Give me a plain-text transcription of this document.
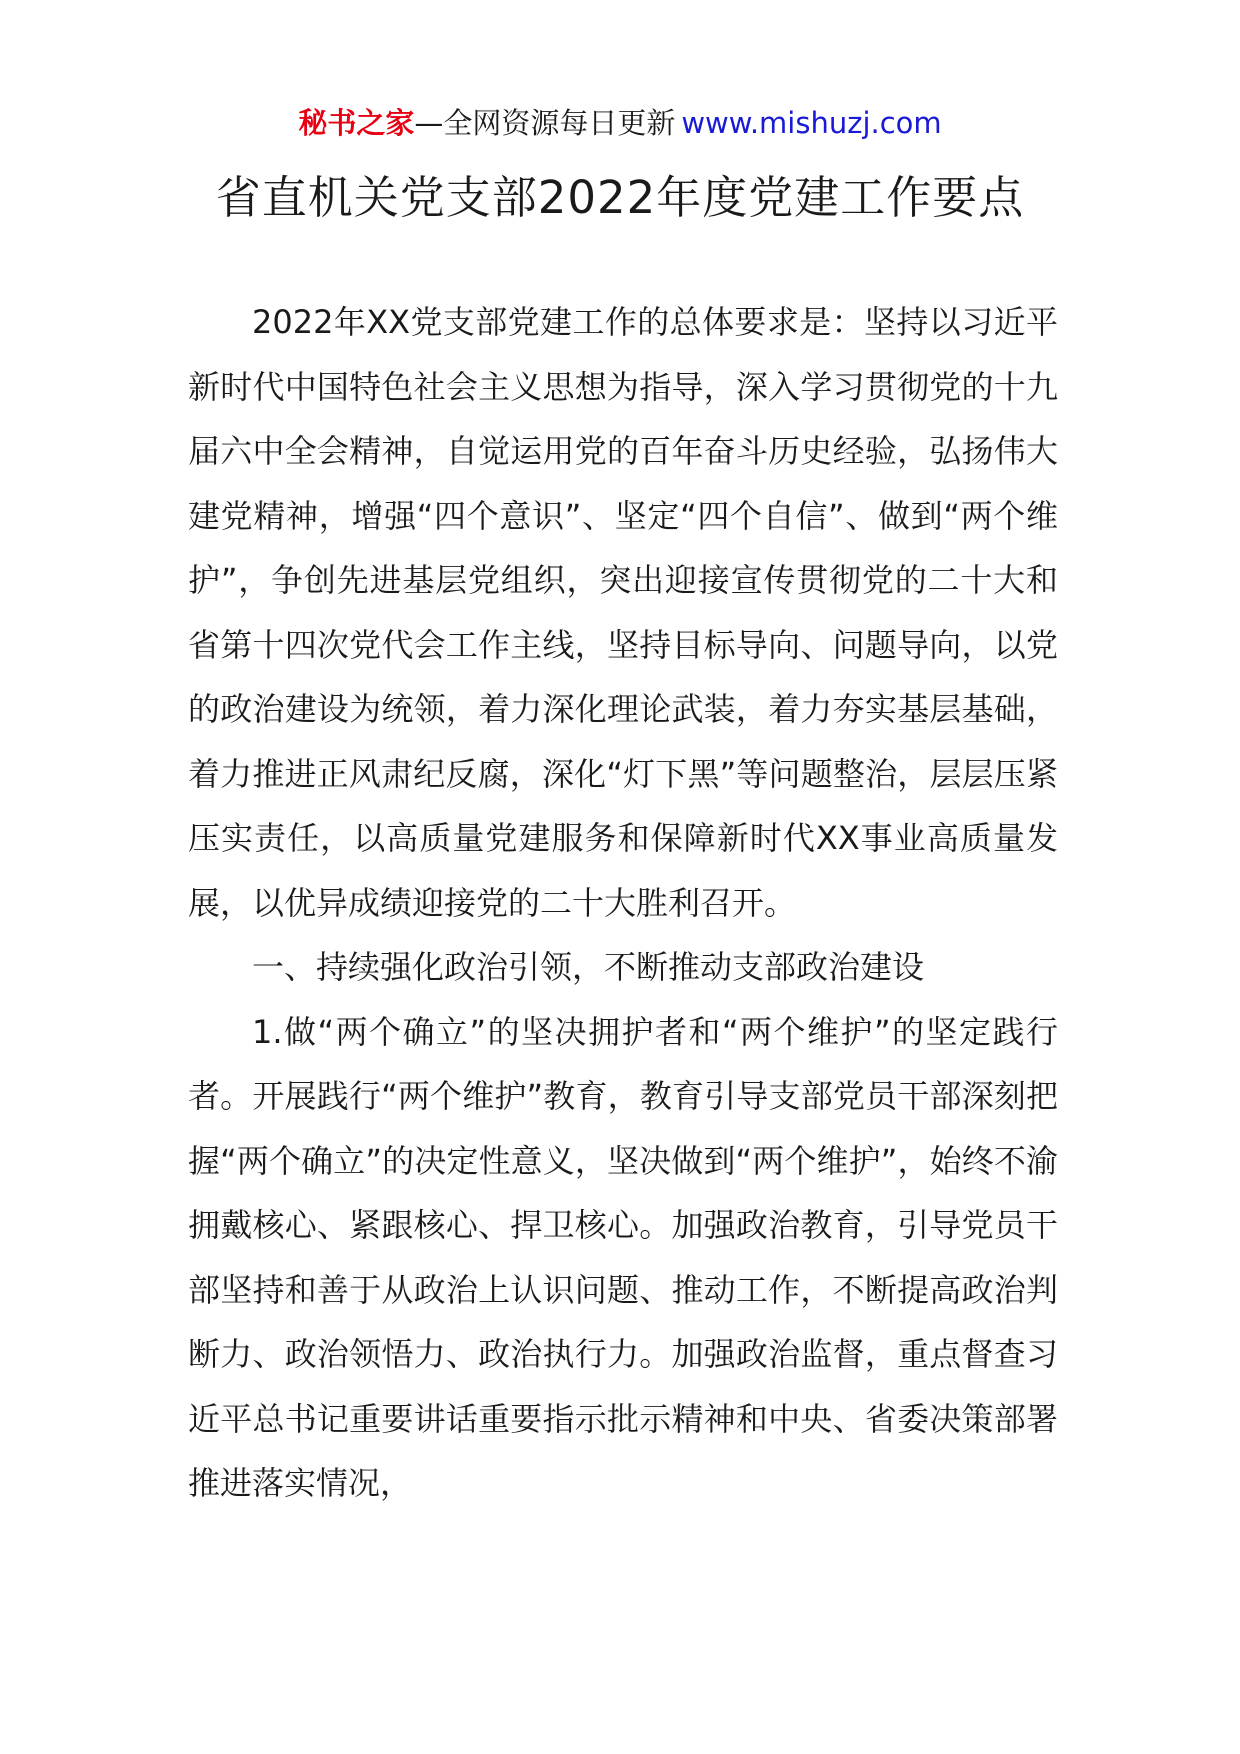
秘书之家—全网资源每日更新 www.mishuzj.com
省直机关党支部2022年度党建工作要点

2022年XX党支部党建工作的总体要求是：坚持以习近平新时代中国特色社会主义思想为指导，深入学习贯彻党的十九届六中全会精神，自觉运用党的百年奋斗历史经验，弘扬伟大建党精神，增强“四个意识”、坚定“四个自信”、做到“两个维护”，争创先进基层党组织，突出迎接宣传贯彻党的二十大和省第十四次党代会工作主线，坚持目标导向、问题导向，以党的政治建设为统领，着力深化理论武装，着力夯实基层基础，着力推进正风肃纪反腐，深化“灯下黑”等问题整治，层层压紧压实责任，以高质量党建服务和保障新时代XX事业高质量发展，以优异成绩迎接党的二十大胜利召开。

一、持续强化政治引领，不断推动支部政治建设

1.做“两个确立”的坚决拥护者和“两个维护”的坚定践行者。开展践行“两个维护”教育，教育引导支部党员干部深刻把握“两个确立”的决定性意义，坚决做到“两个维护”，始终不渝拥戴核心、紧跟核心、捍卫核心。加强政治教育，引导党员干部坚持和善于从政治上认识问题、推动工作，不断提高政治判断力、政治领悟力、政治执行力。加强政治监督，重点督查习近平总书记重要讲话重要指示批示精神和中央、省委决策部署推进落实情况，
